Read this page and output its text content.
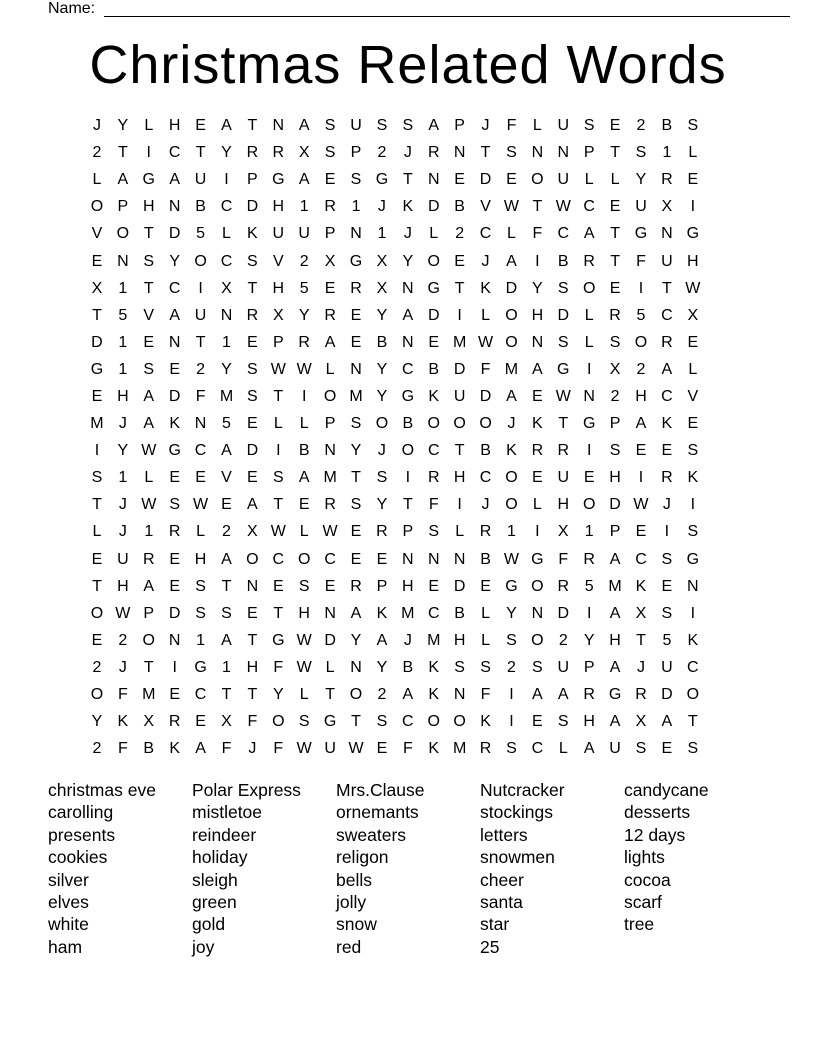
Name:
Christmas Related Words
J	Y	L H E A T N A S U S S A P	J	F	L U S E	2	B S
2	T	I	C T Y R R X S P	2	J	R N T S N N P T S	1	L
L	A G A U	I	P G A E S G T N E D E O U L	L	Y R E
O P H N B C D H 1 R 1	J	K D B V W T W C E U X	I
V O T D 5	L	K U U P N 1	J	L	2 C L	F C A T G N G
E N S Y O C S V	2	X G X Y O E	J	A	I	B R T	F U H
X	1	T C	I	X T H 5	E R X N G T K D Y S O E	I	T W
T	5	V A U N R X Y R E Y A D	I	L O H D L R 5 C X
D 1	E N T	1	E P R A E B N E M W O N S	L	S O R E
G 1	S E	2	Y S W W L N Y C B D F M A G	I	X	2	A	L
E H A D F M S T	I	O M Y G K U D A E W N 2 H C V
M J	A K N 5	E	L	L	P S O B O O O J	K T G P A K E
I	Y W G C A D	I	B N Y	J O C T B K R R	I	S E E S
S	1	L	E E V E S A M T S	I	R H C O E U E H	I	R K
T	J W S W E A T E R S Y T	F	I	J O L H O D W J	I
L	J	1 R L	2	X W L W E R P S	L R 1	I	X	1	P E	I	S
E U R E H A O C O C E E N N N B W G F R A C S G
T H A E S T N E S E R P H E D E G O R 5 M K E N
O W P D S S E T H N A K M C B	L	Y N D	I	A X S	I
E	2 O N 1	A T G W D Y A	J M H L	S O 2	Y H T	5	K
2	J	T	I	G 1 H F W L N Y B K S S	2	S U P A	J	U C
O F M E C T	T Y	L	T O 2	A K N F	I	A A R G R D O
Y K X R E X F O S G T S C O O K	I	E S H A X A T
2	F B K A F	J	F W U W E F K M R S C L	A U S E S
christmas eve
carolling
presents
cookies
silver
elves
white
ham
Polar Express
mistletoe
reindeer
holiday
sleigh
green
gold
joy
Mrs.Clause
ornemants
sweaters
religon
bells
jolly
snow
red
Nutcracker
stockings
letters
snowmen
cheer
santa
star
25
candycane
desserts
12 days
lights
cocoa
scarf
tree
